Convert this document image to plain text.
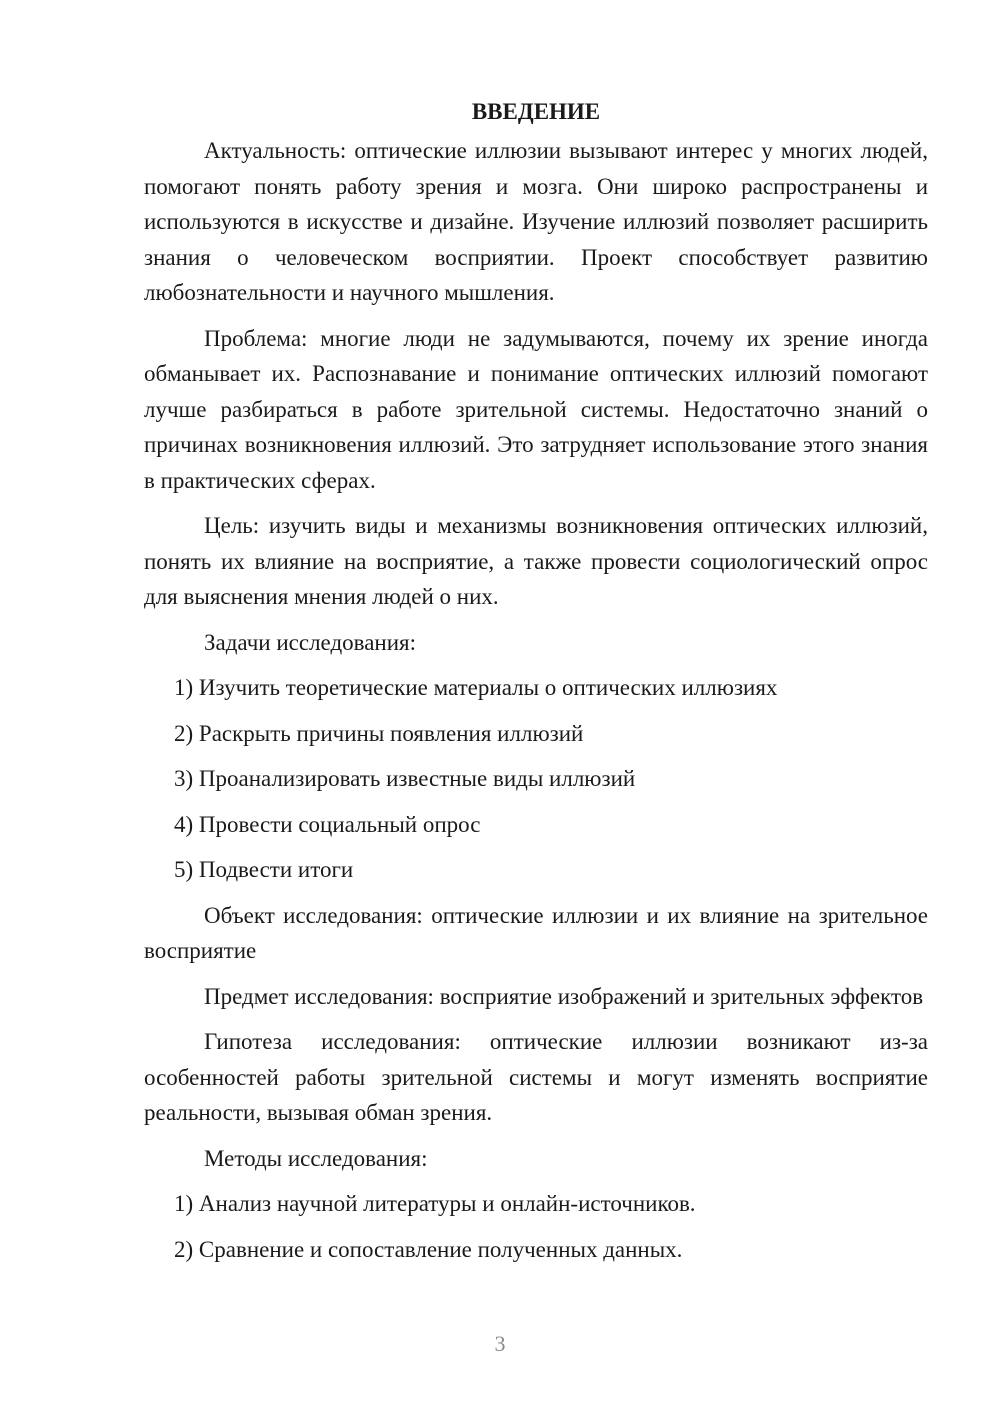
ВВЕДЕНИЕ

Актуальность: оптические иллюзии вызывают интерес у многих людей, помогают понять работу зрения и мозга. Они широко распространены и используются в искусстве и дизайне. Изучение иллюзий позволяет расширить знания о человеческом восприятии. Проект способствует развитию любознательности и научного мышления.

Проблема: многие люди не задумываются, почему их зрение иногда обманывает их. Распознавание и понимание оптических иллюзий помогают лучше разбираться в работе зрительной системы. Недостаточно знаний о причинах возникновения иллюзий. Это затрудняет использование этого знания в практических сферах.

Цель: изучить виды и механизмы возникновения оптических иллюзий, понять их влияние на восприятие, а также провести социологический опрос для выяснения мнения людей о них.

Задачи исследования:

1) Изучить теоретические материалы о оптических иллюзиях

2) Раскрыть причины появления иллюзий

3) Проанализировать известные виды иллюзий

4) Провести социальный опрос

5) Подвести итоги

Объект исследования: оптические иллюзии и их влияние на зрительное восприятие

Предмет исследования: восприятие изображений и зрительных эффектов

Гипотеза исследования: оптические иллюзии возникают из-за особенностей работы зрительной системы и могут изменять восприятие реальности, вызывая обман зрения.

Методы исследования:

1) Анализ научной литературы и онлайн-источников.

2) Сравнение и сопоставление полученных данных.

3
